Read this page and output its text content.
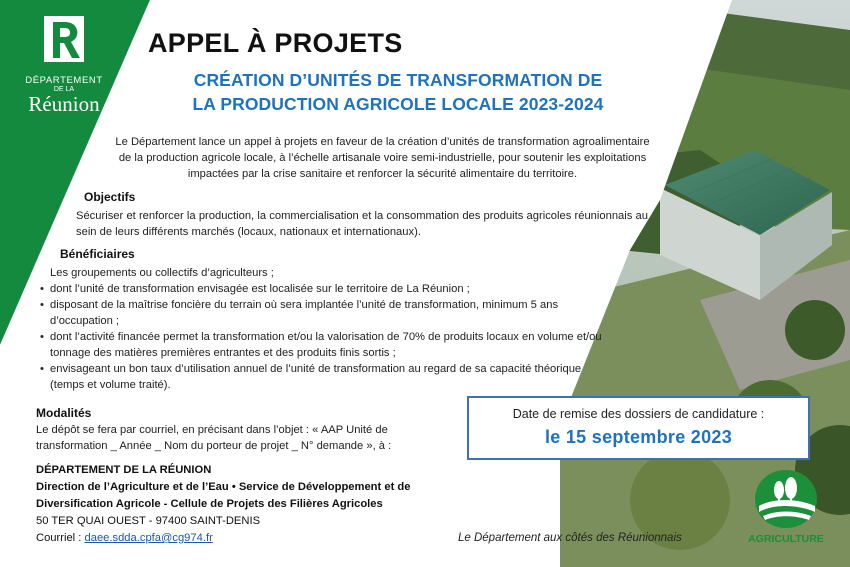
DÉPARTEMENT
DE LA
Réunion
APPEL À PROJETS
CRÉATION D’UNITÉS DE TRANSFORMATION DE
LA PRODUCTION AGRICOLE LOCALE 2023-2024
Le Département lance un appel à projets en faveur de la création d’unités de transformation agroalimentaire
de la production agricole locale, à l’échelle artisanale voire semi-industrielle, pour soutenir les exploitations
impactées par la crise sanitaire et renforcer la sécurité alimentaire du territoire.
Objectifs
Sécuriser et renforcer la production, la commercialisation et la consommation des produits agricoles réunionnais au sein de leurs différents marchés (locaux, nationaux et internationaux).
Bénéficiaires
Les groupements ou collectifs d’agriculteurs ;
• dont l’unité de transformation envisagée est localisée sur le territoire de La Réunion ;
• disposant de la maîtrise foncière du terrain où sera implantée l’unité de transformation, minimum 5 ans d’occupation ;
• dont l’activité financée permet la transformation et/ou la valorisation de 70% de produits locaux en volume et/ou tonnage des matières premières entrantes et des produits finis sortis ;
• envisageant un bon taux d’utilisation annuel de l’unité de transformation au regard de sa capacité théorique (temps et volume traité).
Modalités
Le dépôt se fera par courriel, en précisant dans l’objet : « AAP Unité de transformation _ Année _ Nom du porteur de projet _ N° demande », à :
DÉPARTEMENT DE LA RÉUNION
Direction de l’Agriculture et de l’Eau • Service de Développement et de Diversification Agricole - Cellule de Projets des Filières Agricoles
50 TER QUAI OUEST - 97400 SAINT-DENIS
Courriel : daee.sdda.cpfa@cg974.fr
Date de remise des dossiers de candidature :
le 15 septembre 2023
Le Département aux côtés des Réunionnais	AGRICULTURE
